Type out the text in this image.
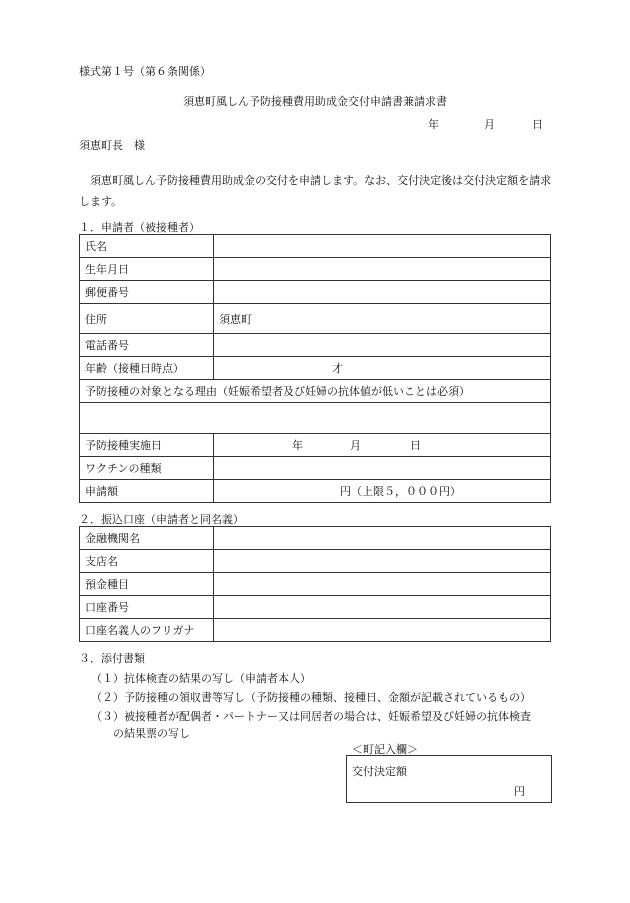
様式第１号（第６条関係）
須恵町風しん予防接種費用助成金交付申請書兼請求書
年	月	日
須恵町長　様
須恵町風しん予防接種費用助成金の交付を申請します。なお、交付決定後は交付決定額を請求します。
１．申請者（被接種者）
氏名	
生年月日	
郵便番号	
住所	須恵町
電話番号	
年齢（接種日時点）	才
予防接種の対象となる理由（妊娠希望者及び妊婦の抗体値が低いことは必須）	

予防接種実施日	年 月 日
ワクチンの種類	
申請額	円（上限５，０００円）
２．振込口座（申請者と同名義）
金融機関名	
支店名	
預金種目	
口座番号	
口座名義人のフリガナ	
３．添付書類
（１）抗体検査の結果の写し（申請者本人）
（２）予防接種の領収書等写し（予防接種の種類、接種日、金額が記載されているもの）
（３）被接種者が配偶者・パートナー又は同居者の場合は、妊娠希望及び妊婦の抗体検査
の結果票の写し
＜町記入欄＞
交付決定額
円
